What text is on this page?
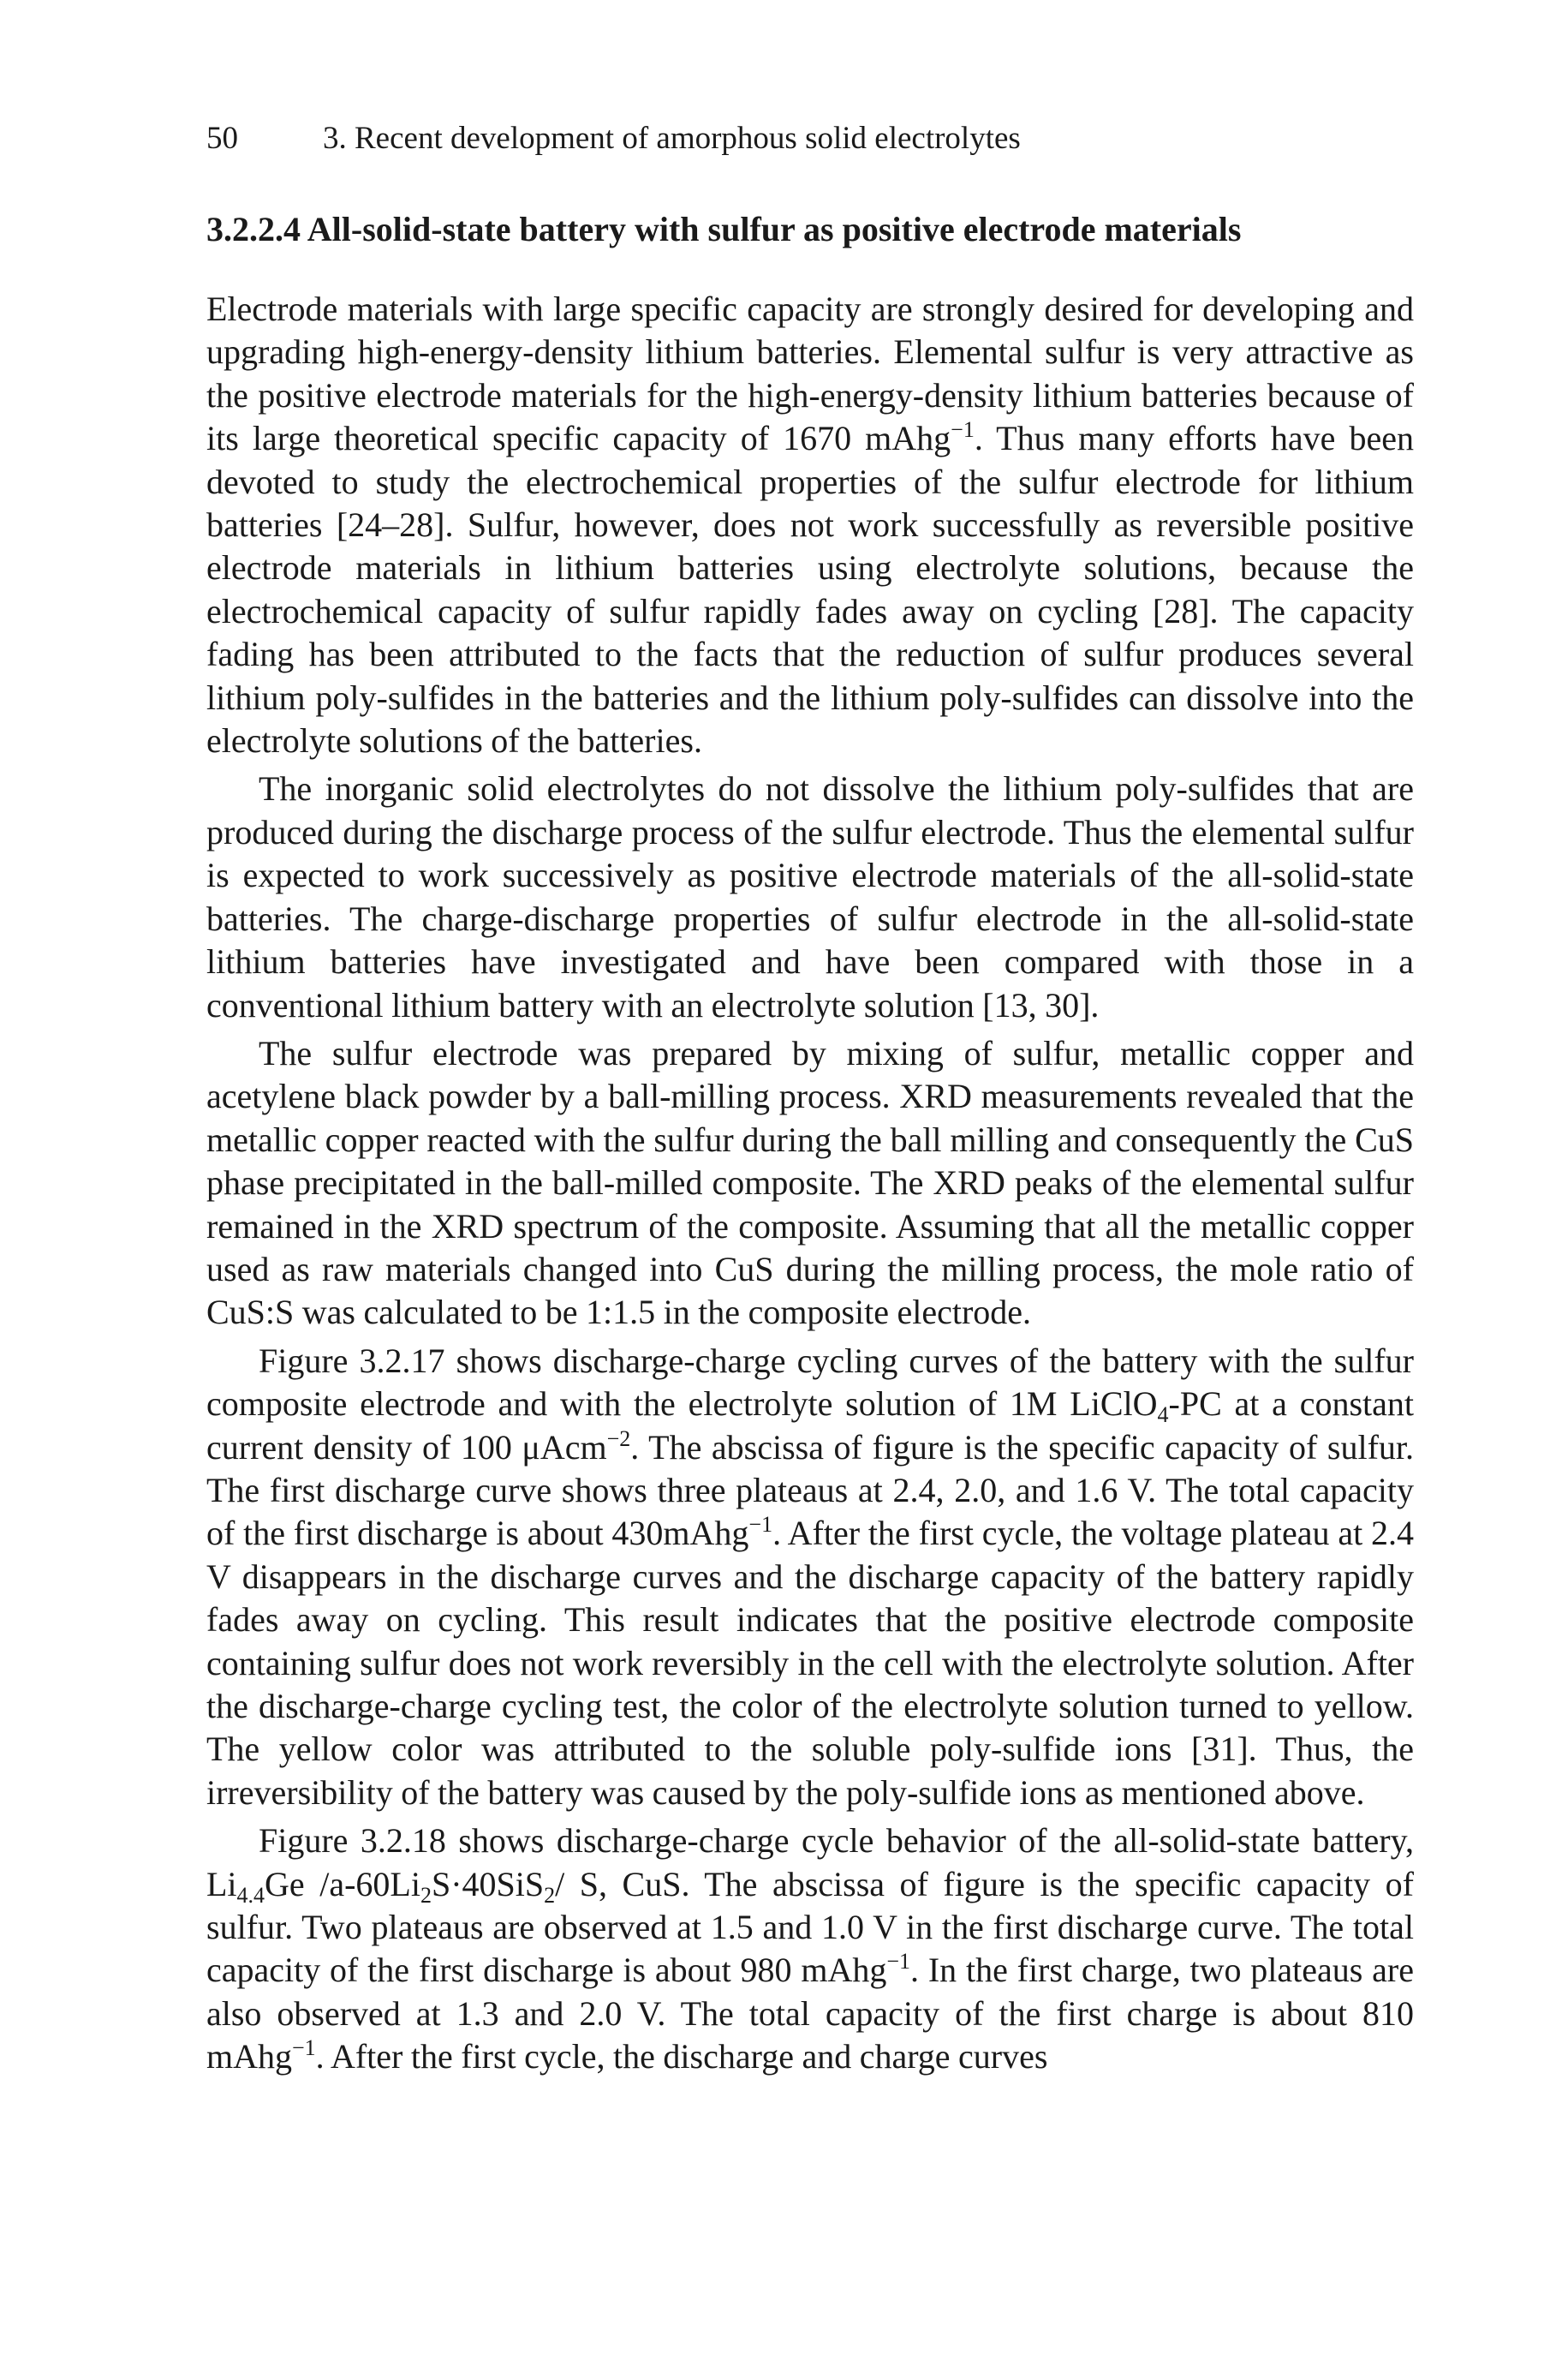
50	3. Recent development of amorphous solid electrolytes
3.2.2.4 All-solid-state battery with sulfur as positive electrode materials

Electrode materials with large specific capacity are strongly desired for developing and upgrading high-energy-density lithium batteries. Elemental sulfur is very attractive as the positive electrode materials for the high-energy-density lithium batteries because of its large theoretical specific capacity of 1670 mAhg$^{-1}$. Thus many efforts have been devoted to study the electrochemical properties of the sulfur electrode for lithium batteries [24–28]. Sulfur, however, does not work successfully as reversible positive electrode materials in lithium batteries using electrolyte solutions, because the electrochemical capacity of sulfur rapidly fades away on cycling [28]. The capacity fading has been attributed to the facts that the reduction of sulfur produces several lithium poly-sulfides in the batteries and the lithium poly-sulfides can dissolve into the electrolyte solutions of the batteries.

The inorganic solid electrolytes do not dissolve the lithium poly-sulfides that are produced during the discharge process of the sulfur electrode. Thus the elemental sulfur is expected to work successively as positive electrode materials of the all-solid-state batteries. The charge-discharge properties of sulfur electrode in the all-solid-state lithium batteries have investigated and have been compared with those in a conventional lithium battery with an electrolyte solution [13, 30].

The sulfur electrode was prepared by mixing of sulfur, metallic copper and acetylene black powder by a ball-milling process. XRD measurements revealed that the metallic copper reacted with the sulfur during the ball milling and consequently the CuS phase precipitated in the ball-milled composite. The XRD peaks of the elemental sulfur remained in the XRD spectrum of the composite. Assuming that all the metallic copper used as raw materials changed into CuS during the milling process, the mole ratio of CuS:S was calculated to be 1:1.5 in the composite electrode.

Figure 3.2.17 shows discharge-charge cycling curves of the battery with the sulfur composite electrode and with the electrolyte solution of 1M LiClO$_4$-PC at a constant current density of 100 μAcm$^{-2}$. The abscissa of figure is the specific capacity of sulfur. The first discharge curve shows three plateaus at 2.4, 2.0, and 1.6 V. The total capacity of the first discharge is about 430mAhg$^{-1}$. After the first cycle, the voltage plateau at 2.4 V disappears in the discharge curves and the discharge capacity of the battery rapidly fades away on cycling. This result indicates that the positive electrode composite containing sulfur does not work reversibly in the cell with the electrolyte solution. After the discharge-charge cycling test, the color of the electrolyte solution turned to yellow. The yellow color was attributed to the soluble poly-sulfide ions [31]. Thus, the irreversibility of the battery was caused by the poly-sulfide ions as mentioned above.

Figure 3.2.18 shows discharge-charge cycle behavior of the all-solid-state battery, $Li_{4.4}Ge$ $/a-60Li_2S\cdot 40SiS_2/$ S, CuS. The abscissa of figure is the specific capacity of sulfur. Two plateaus are observed at 1.5 and 1.0 V in the first discharge curve. The total capacity of the first discharge is about 980 mAhg$^{-1}$. In the first charge, two plateaus are also observed at 1.3 and 2.0 V. The total capacity of the first charge is about 810 mAhg$^{-1}$. After the first cycle, the discharge and charge curves
